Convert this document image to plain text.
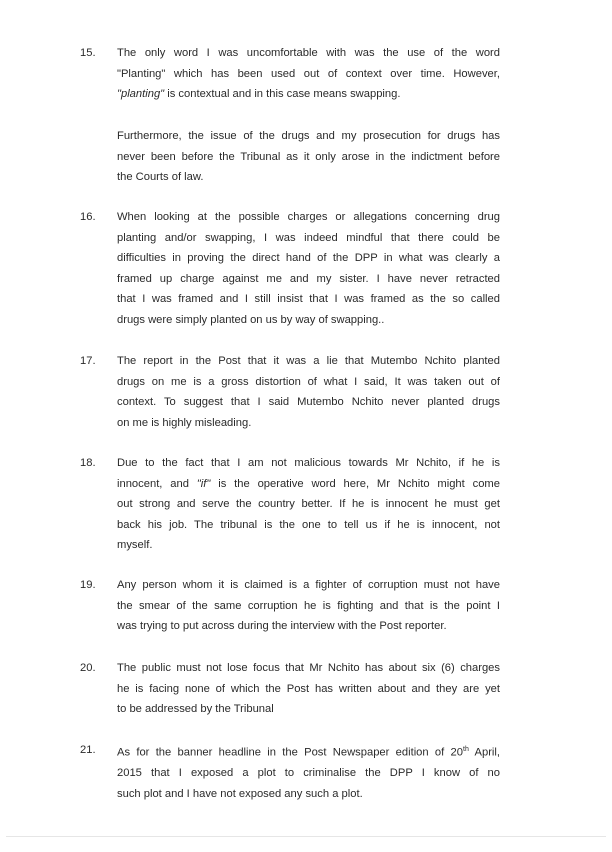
15.	The only word I was uncomfortable with was the use of the word
"Planting" which has been used out of context over time. However,
"planting" is contextual and in this case means swapping.
Furthermore, the issue of the drugs and my prosecution for drugs has
never been before the Tribunal as it only arose in the indictment before
the Courts of law.
16.	When looking at the possible charges or allegations concerning drug
planting and/or swapping, I was indeed mindful that there could be
difficulties in proving the direct hand of the DPP in what was clearly a
framed up charge against me and my sister. I have never retracted
that I was framed and I still insist that I was framed as the so called
drugs were simply planted on us by way of swapping..
17.	The report in the Post that it was a lie that Mutembo Nchito planted
drugs on me is a gross distortion of what I said, It was taken out of
context. To suggest that I said Mutembo Nchito never planted drugs
on me is highly misleading.
18.	Due to the fact that I am not malicious towards Mr Nchito, if he is
innocent, and "if" is the operative word here, Mr Nchito might come
out strong and serve the country better. If he is innocent he must get
back his job. The tribunal is the one to tell us if he is innocent, not
myself.
19.	Any person whom it is claimed is a fighter of corruption must not have
the smear of the same corruption he is fighting and that is the point I
was trying to put across during the interview with the Post reporter.
20.	The public must not lose focus that Mr Nchito has about six (6) charges
he is facing none of which the Post has written about and they are yet
to be addressed by the Tribunal
21.	As for the banner headline in the Post Newspaper edition of 20th April,
2015 that I exposed a plot to criminalise the DPP I know of no
such plot and I have not exposed any such a plot.
